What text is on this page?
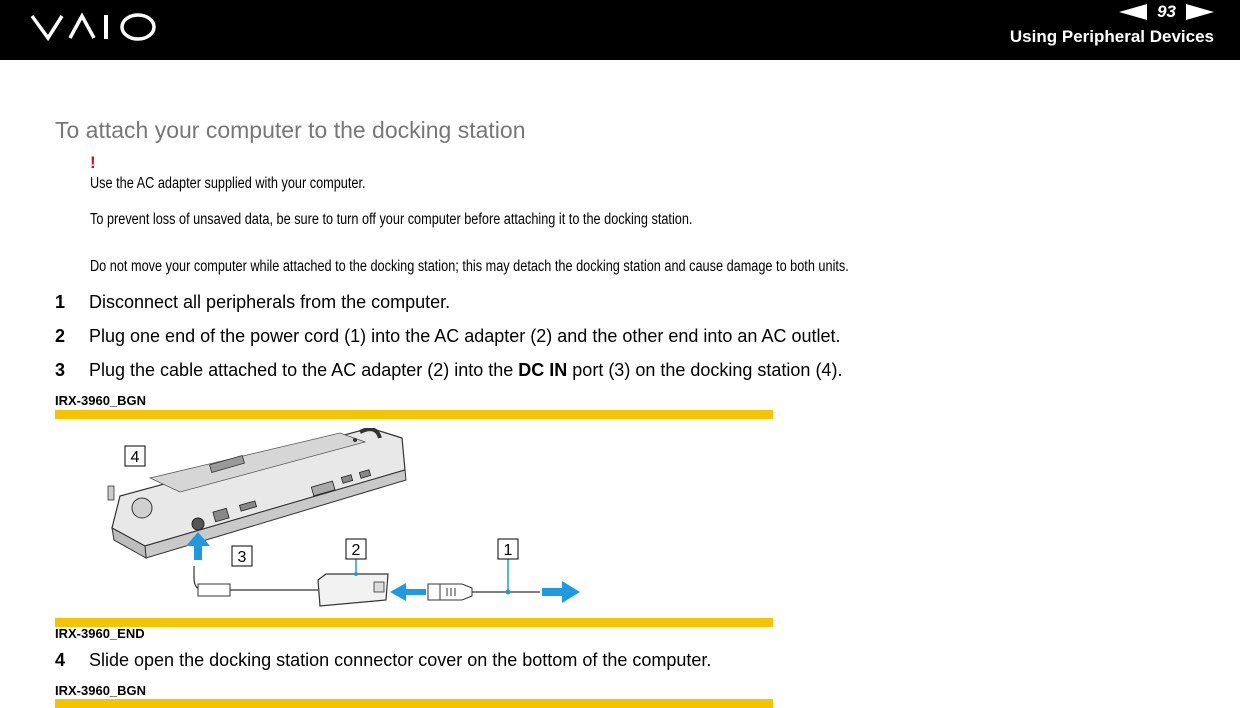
93
Using Peripheral Devices
To attach your computer to the docking station
!
Use the AC adapter supplied with your computer.
To prevent loss of unsaved data, be sure to turn off your computer before attaching it to the docking station.
Do not move your computer while attached to the docking station; this may detach the docking station and cause damage to both units.
1 Disconnect all peripherals from the computer.
2 Plug one end of the power cord (1) into the AC adapter (2) and the other end into an AC outlet.
3 Plug the cable attached to the AC adapter (2) into the DC IN port (3) on the docking station (4).
IRX-3960_BGN
4
3	2	1
IRX-3960_END
4 Slide open the docking station connector cover on the bottom of the computer.
IRX-3960_BGN
